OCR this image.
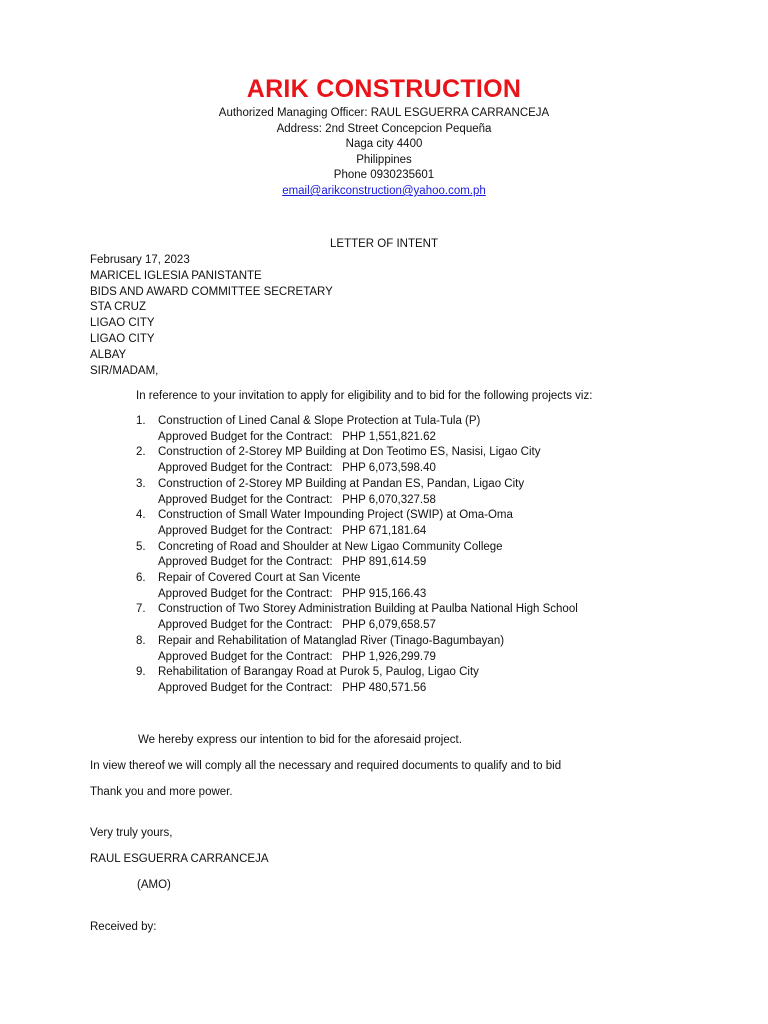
ARIK CONSTRUCTION
Authorized Managing Officer: RAUL ESGUERRA CARRANCEJA
Address: 2nd Street Concepcion Pequeña
Naga city 4400
Philippines
Phone 0930235601
email@arikconstruction@yahoo.com.ph
LETTER OF INTENT
Februsary 17, 2023
MARICEL IGLESIA PANISTANTE
BIDS AND AWARD COMMITTEE SECRETARY
STA CRUZ
LIGAO CITY
LIGAO CITY
ALBAY
SIR/MADAM,
In reference to your invitation to apply for eligibility and to bid for the following projects viz:
1. Construction of Lined Canal & Slope Protection at Tula-Tula (P)
Approved Budget for the Contract:   PHP 1,551,821.62
2. Construction of 2-Storey MP Building at Don Teotimo ES, Nasisi, Ligao City
Approved Budget for the Contract:   PHP 6,073,598.40
3. Construction of 2-Storey MP Building at Pandan ES, Pandan, Ligao City
Approved Budget for the Contract:   PHP 6,070,327.58
4. Construction of Small Water Impounding Project (SWIP) at Oma-Oma
Approved Budget for the Contract:   PHP 671,181.64
5. Concreting of Road and Shoulder at New Ligao Community College
Approved Budget for the Contract:   PHP 891,614.59
6. Repair of Covered Court at San Vicente
Approved Budget for the Contract:   PHP 915,166.43
7. Construction of Two Storey Administration Building at Paulba National High School
Approved Budget for the Contract:   PHP 6,079,658.57
8. Repair and Rehabilitation of Matanglad River (Tinago-Bagumbayan)
Approved Budget for the Contract:   PHP 1,926,299.79
9. Rehabilitation of Barangay Road at Purok 5, Paulog, Ligao City
Approved Budget for the Contract:   PHP 480,571.56
We hereby express our intention to bid for the aforesaid project.
In view thereof we will comply all the necessary and required documents to qualify and to bid
Thank you and more power.
Very truly yours,
RAUL ESGUERRA CARRANCEJA
(AMO)
Received by:
